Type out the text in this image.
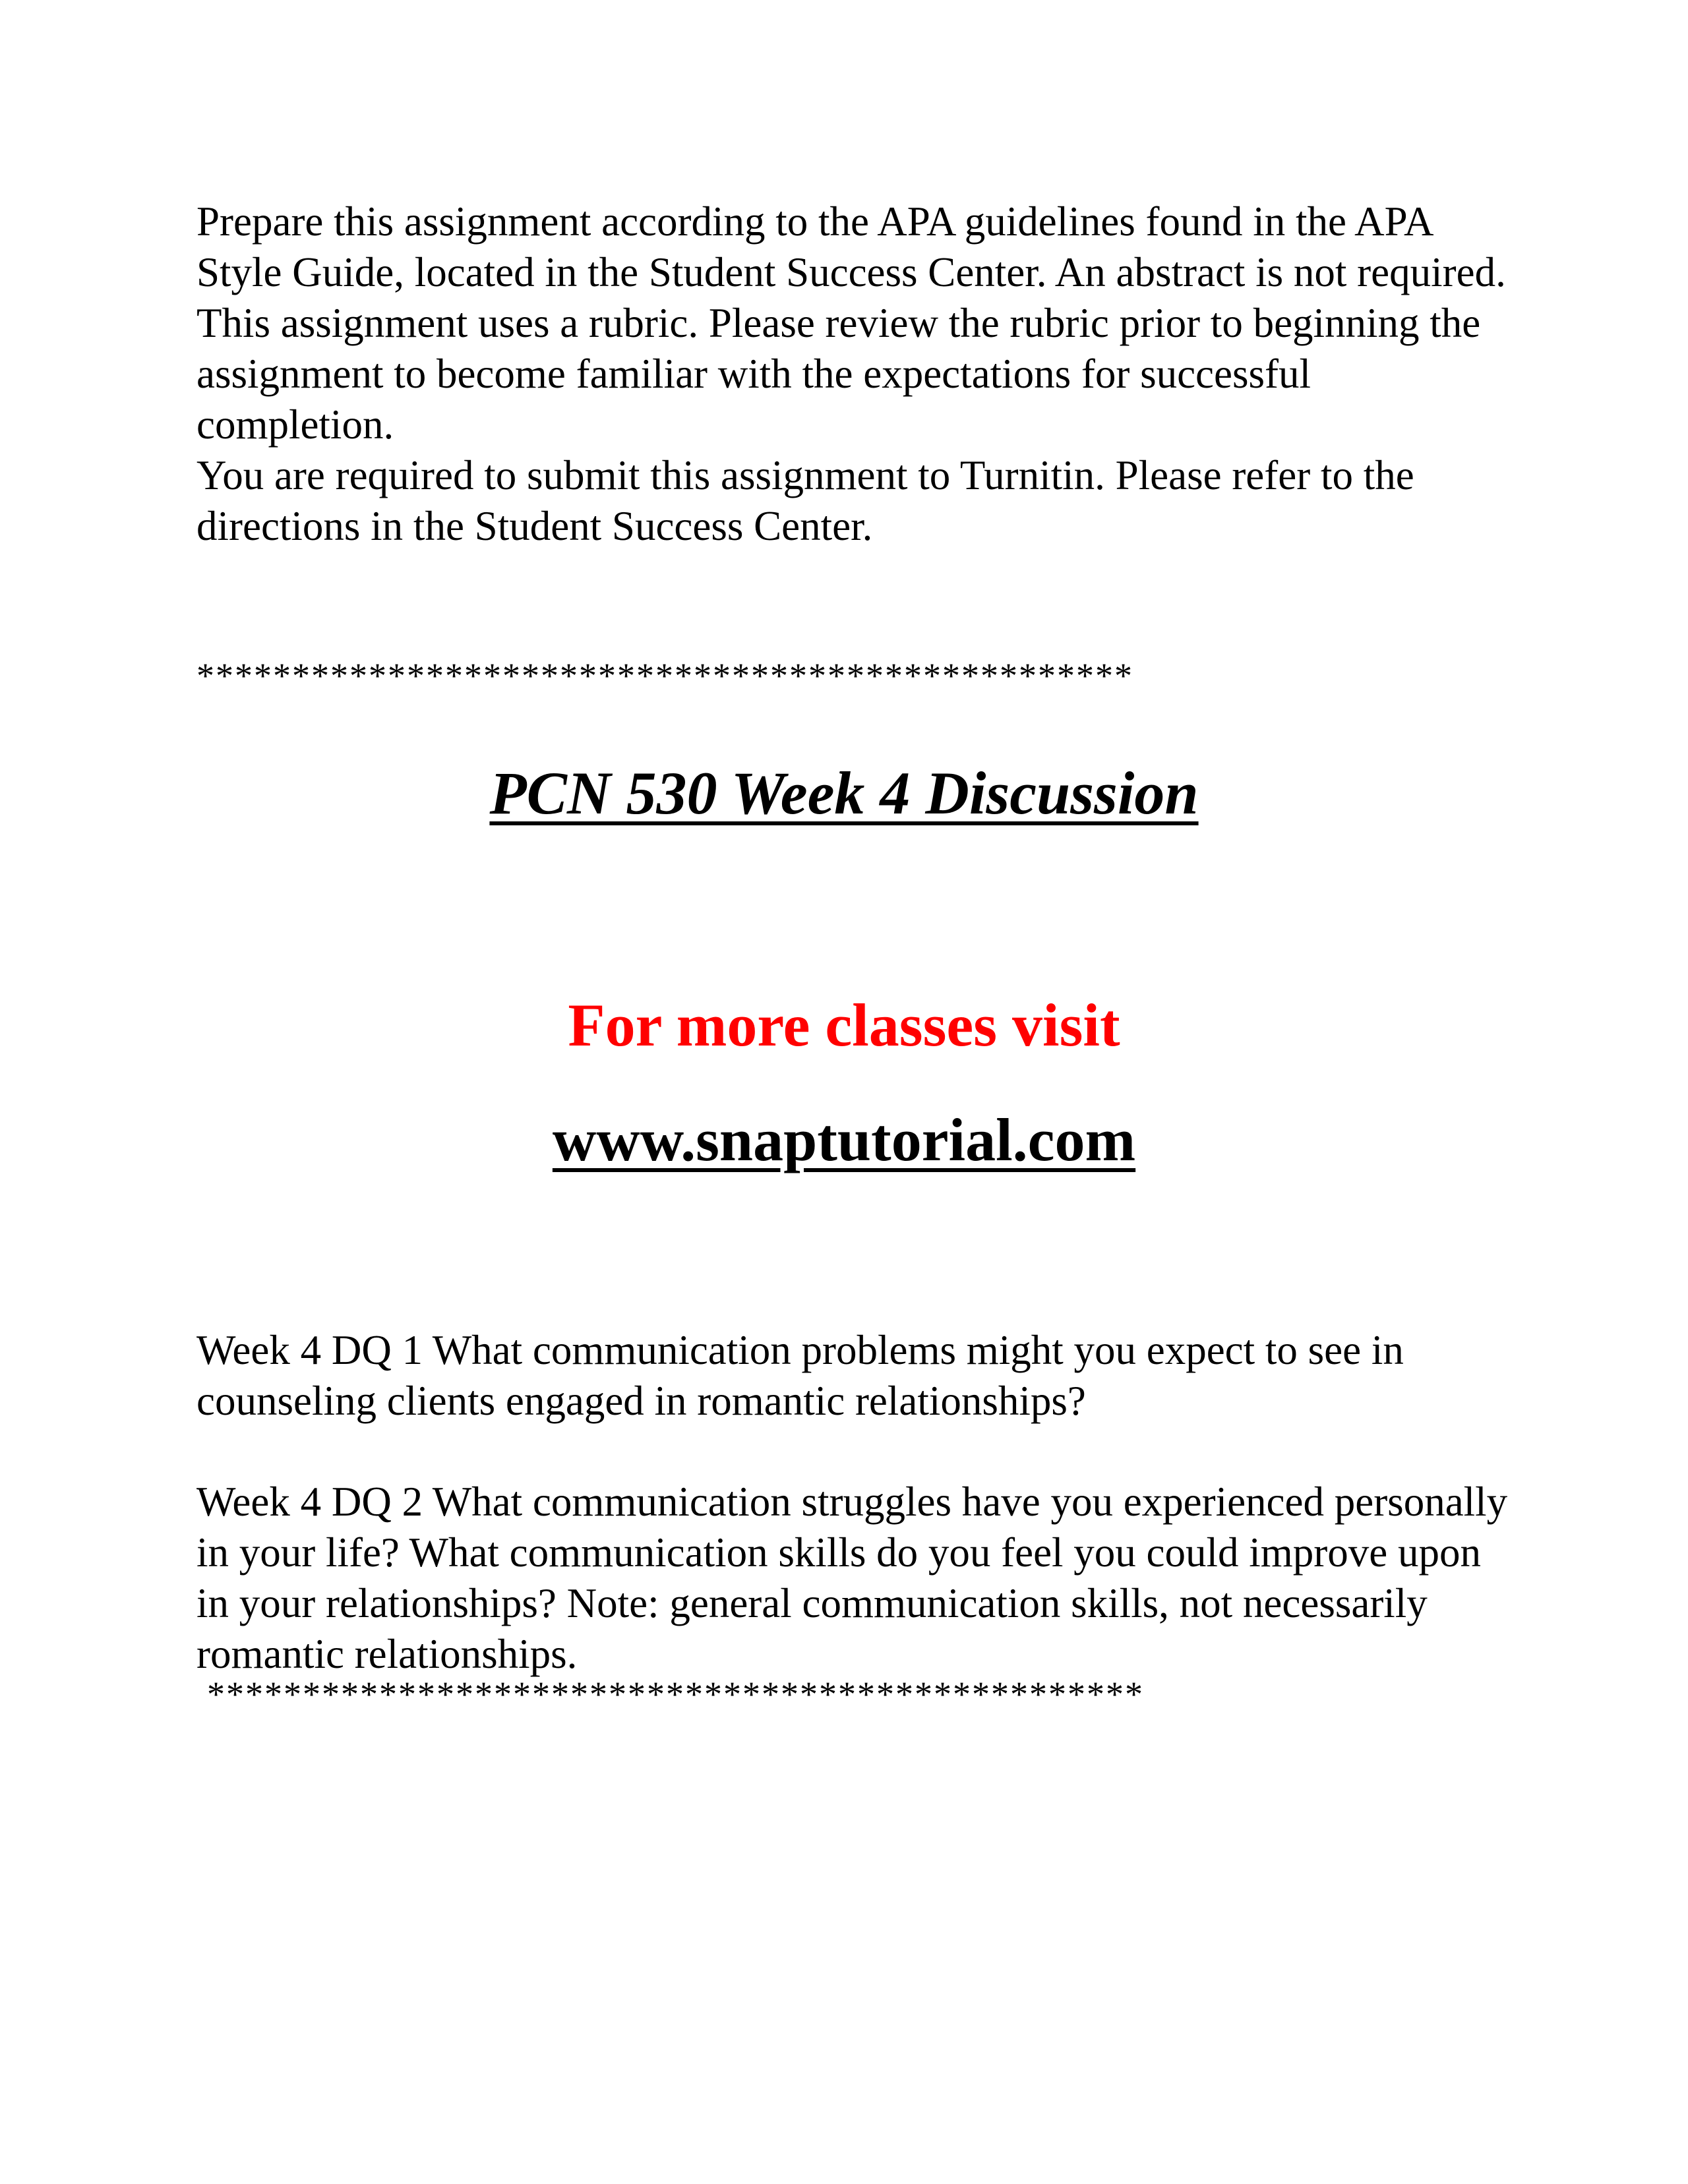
Prepare this assignment according to the APA guidelines found in the APA Style Guide, located in the Student Success Center. An abstract is not required.

This assignment uses a rubric. Please review the rubric prior to beginning the assignment to become familiar with the expectations for successful completion.

You are required to submit this assignment to Turnitin. Please refer to the directions in the Student Success Center.

*************************************************
PCN 530 Week 4 Discussion
For more classes visit
www.snaptutorial.com

Week 4 DQ 1 What communication problems might you expect to see in counseling clients engaged in romantic relationships?

Week 4 DQ 2 What communication struggles have you experienced personally in your life? What communication skills do you feel you could improve upon in your relationships? Note: general communication skills, not necessarily romantic relationships.

*************************************************
